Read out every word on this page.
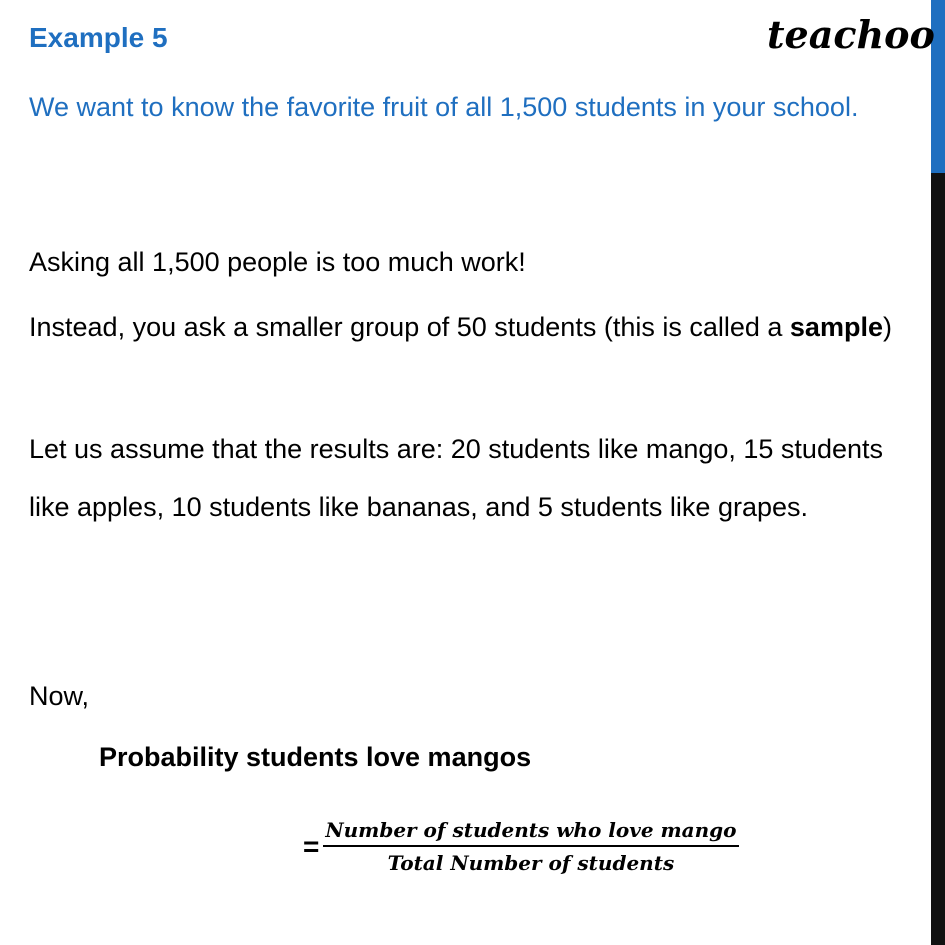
Example 5	teachoo
We want to know the favorite fruit of all 1,500 students in your school.
Asking all 1,500 people is too much work!
Instead, you ask a smaller group of 50 students (this is called a sample)
Let us assume that the results are: 20 students like mango, 15 students like apples, 10 students like bananas, and 5 students like grapes.
Now,
Probability students love mangos
= $\frac{\text{Number of students who love mango}}{\text{Total Number of students}}$
